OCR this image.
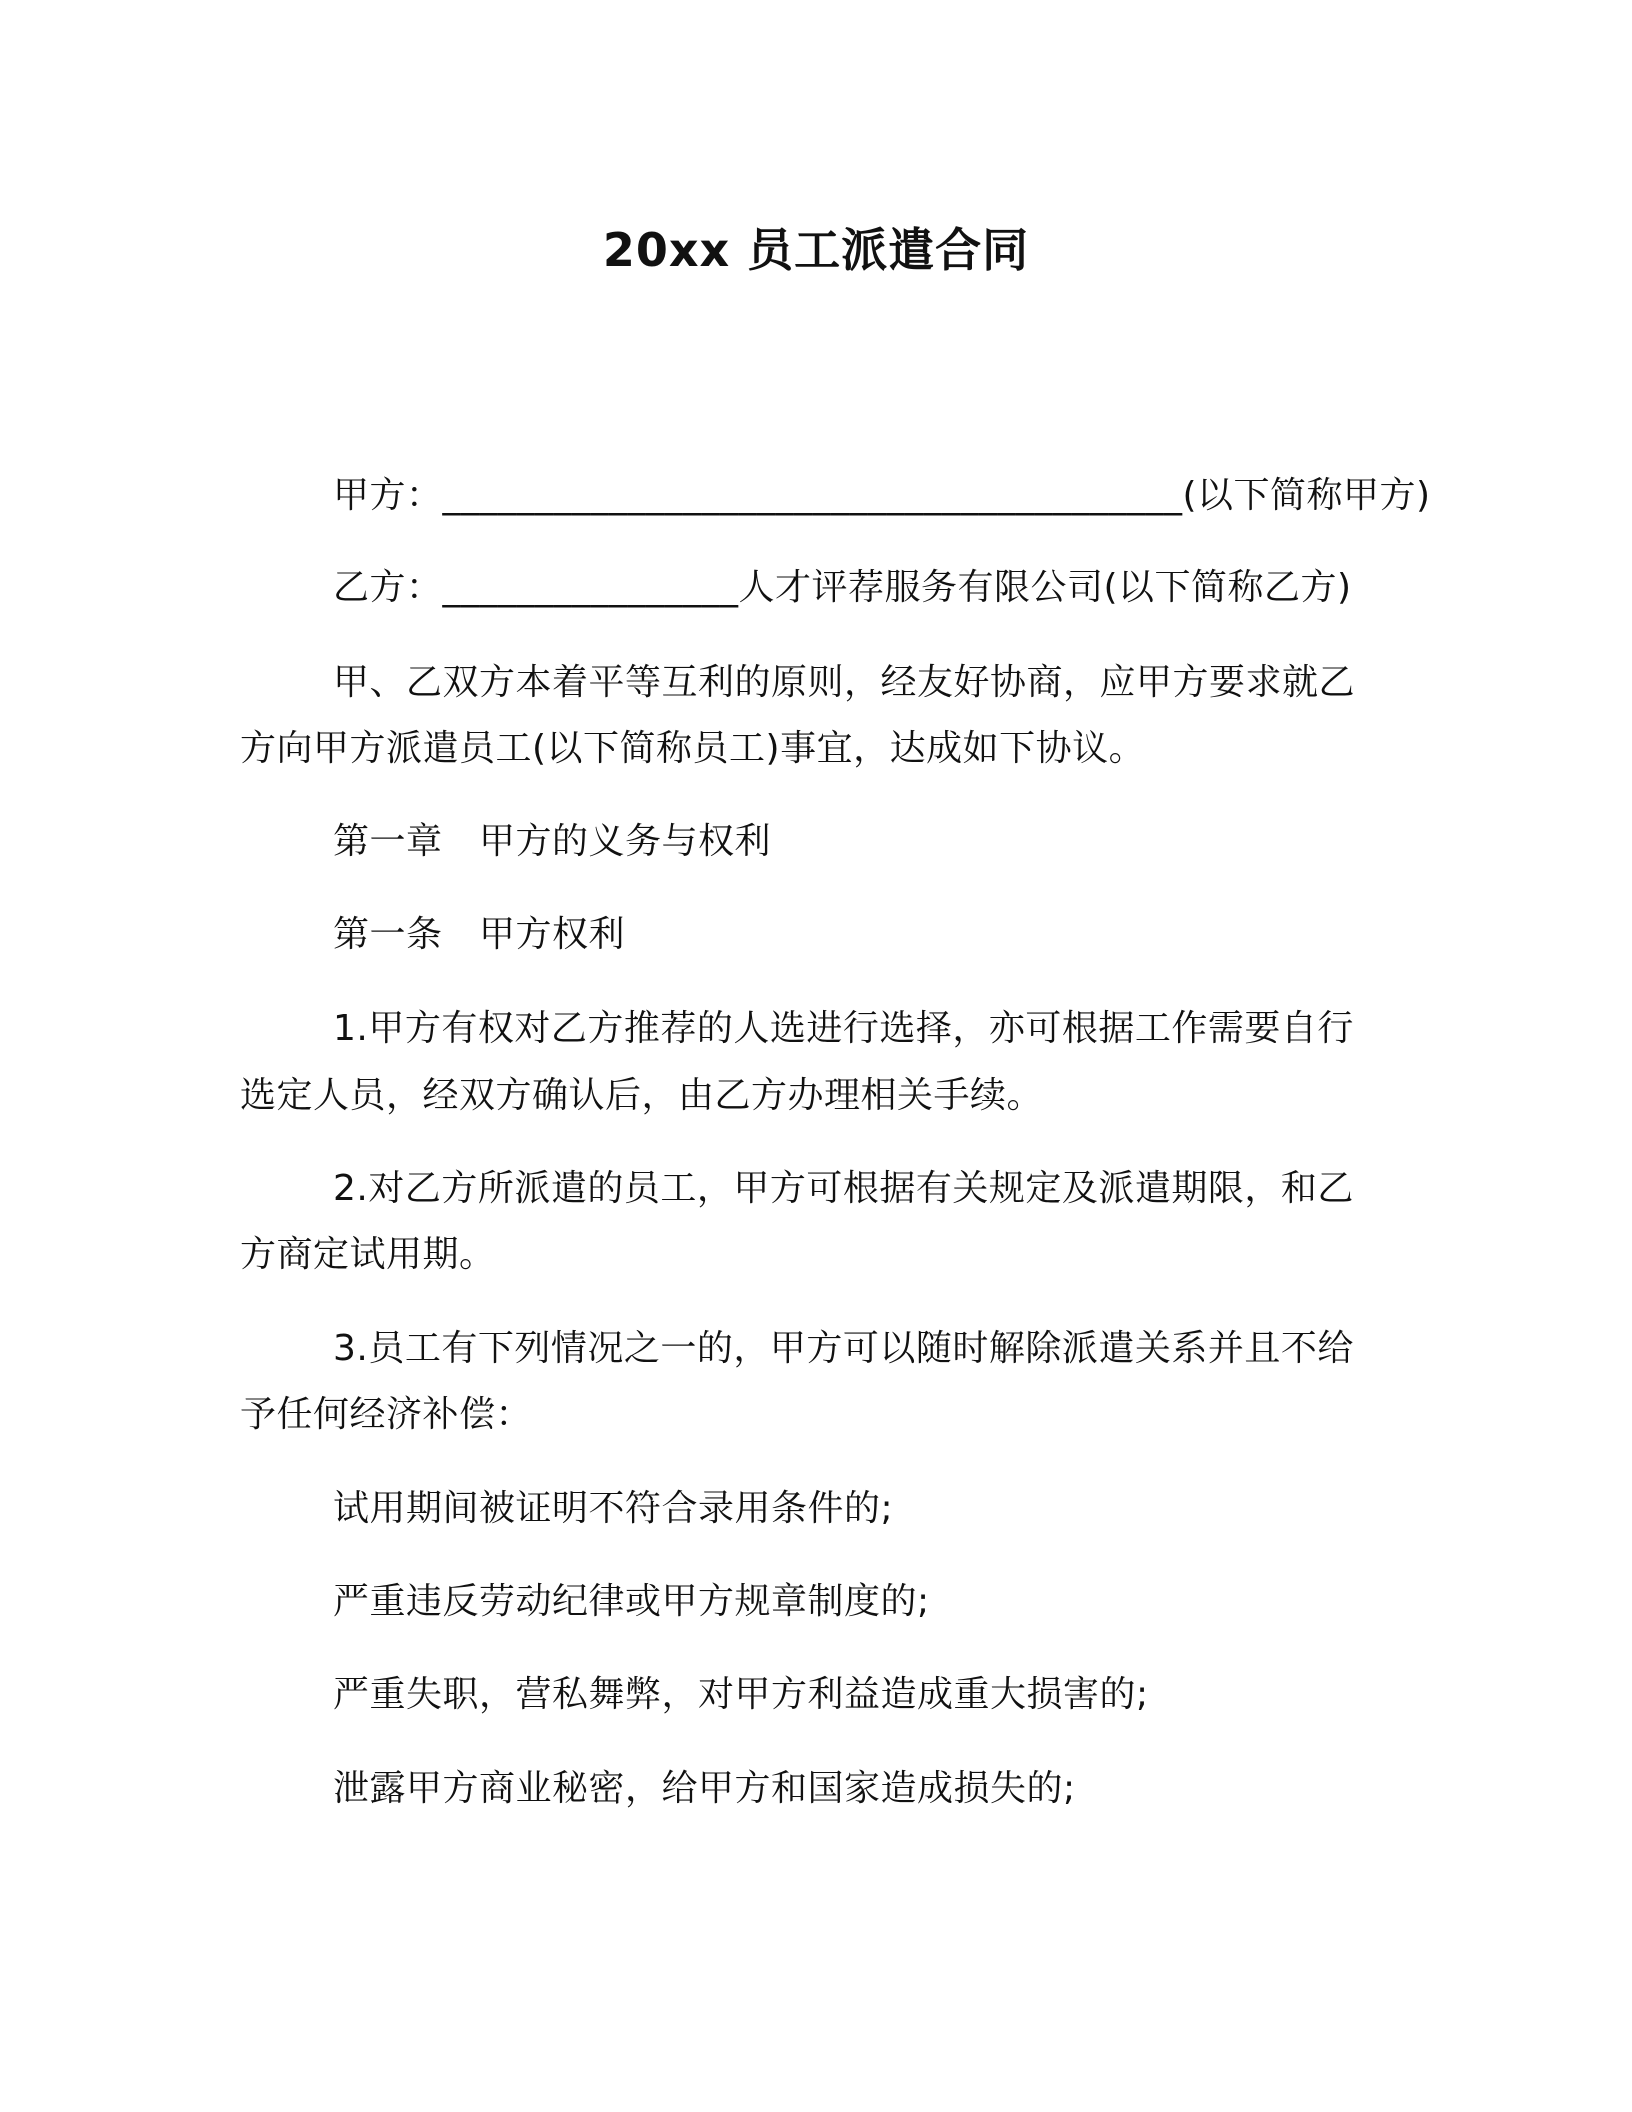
20xx 员工派遣合同
甲方：________________________________________(以下简称甲方)
乙方：________________人才评荐服务有限公司(以下简称乙方)
甲、乙双方本着平等互利的原则，经友好协商，应甲方要求就乙
方向甲方派遣员工(以下简称员工)事宜，达成如下协议。
第一章　甲方的义务与权利
第一条　甲方权利
1.甲方有权对乙方推荐的人选进行选择，亦可根据工作需要自行
选定人员，经双方确认后，由乙方办理相关手续。
2.对乙方所派遣的员工，甲方可根据有关规定及派遣期限，和乙
方商定试用期。
3.员工有下列情况之一的，甲方可以随时解除派遣关系并且不给
予任何经济补偿：
试用期间被证明不符合录用条件的;
严重违反劳动纪律或甲方规章制度的;
严重失职，营私舞弊，对甲方利益造成重大损害的;
泄露甲方商业秘密，给甲方和国家造成损失的;
